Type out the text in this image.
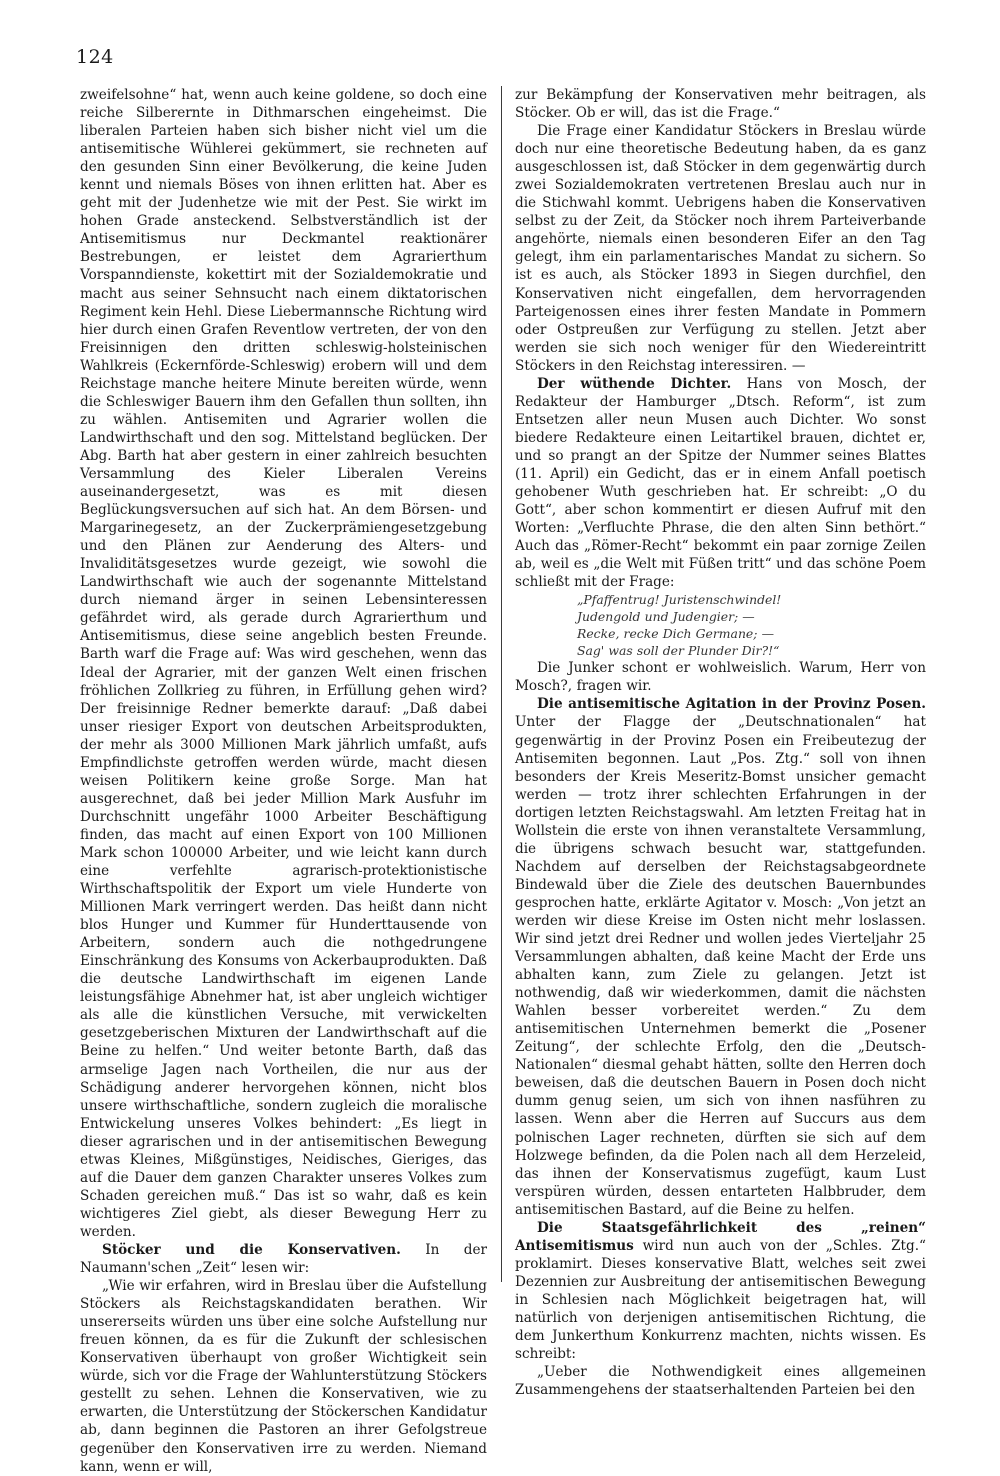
124

zweifelsohne“ hat, wenn auch keine goldene, so doch eine reiche Silberernte in Dithmarschen eingeheimst. Die liberalen Parteien haben sich bisher nicht viel um die antisemitische Wühlerei gekümmert, sie rechneten auf den gesunden Sinn einer Bevölkerung, die keine Juden kennt und niemals Böses von ihnen erlitten hat. Aber es geht mit der Judenhetze wie mit der Pest. Sie wirkt im hohen Grade ansteckend. Selbstverständlich ist der Antisemitismus nur Deckmantel reaktionärer Bestrebungen, er leistet dem Agrarierthum Vorspanndienste, kokettirt mit der Sozialdemokratie und macht aus seiner Sehnsucht nach einem diktatorischen Regiment kein Hehl. Diese Liebermannsche Richtung wird hier durch einen Grafen Reventlow vertreten, der von den Freisinnigen den dritten schleswig-holsteinischen Wahlkreis (Eckernförde-Schleswig) erobern will und dem Reichstage manche heitere Minute bereiten würde, wenn die Schleswiger Bauern ihm den Gefallen thun sollten, ihn zu wählen. Antisemiten und Agrarier wollen die Landwirthschaft und den sog. Mittelstand beglücken. Der Abg. Barth hat aber gestern in einer zahlreich besuchten Versammlung des Kieler Liberalen Vereins auseinandergesetzt, was es mit diesen Beglückungsversuchen auf sich hat. An dem Börsen- und Margarinegesetz, an der Zuckerprämiengesetzgebung und den Plänen zur Aenderung des Alters- und Invaliditätsgesetzes wurde gezeigt, wie sowohl die Landwirthschaft wie auch der sogenannte Mittelstand durch niemand ärger in seinen Lebensinteressen gefährdet wird, als gerade durch Agrarierthum und Antisemitismus, diese seine angeblich besten Freunde. Barth warf die Frage auf: Was wird geschehen, wenn das Ideal der Agrarier, mit der ganzen Welt einen frischen fröhlichen Zollkrieg zu führen, in Erfüllung gehen wird? Der freisinnige Redner bemerkte darauf: „Daß dabei unser riesiger Export von deutschen Arbeitsprodukten, der mehr als 3000 Millionen Mark jährlich umfaßt, aufs Empfindlichste getroffen werden würde, macht diesen weisen Politikern keine große Sorge. Man hat ausgerechnet, daß bei jeder Million Mark Ausfuhr im Durchschnitt ungefähr 1000 Arbeiter Beschäftigung finden, das macht auf einen Export von 100 Millionen Mark schon 100000 Arbeiter, und wie leicht kann durch eine verfehlte agrarisch-protektionistische Wirthschaftspolitik der Export um viele Hunderte von Millionen Mark verringert werden. Das heißt dann nicht blos Hunger und Kummer für Hunderttausende von Arbeitern, sondern auch die nothgedrungene Einschränkung des Konsums von Ackerbauprodukten. Daß die deutsche Landwirthschaft im eigenen Lande leistungsfähige Abnehmer hat, ist aber ungleich wichtiger als alle die künstlichen Versuche, mit verwickelten gesetzgeberischen Mixturen der Landwirthschaft auf die Beine zu helfen.“ Und weiter betonte Barth, daß das armselige Jagen nach Vortheilen, die nur aus der Schädigung anderer hervorgehen können, nicht blos unsere wirthschaftliche, sondern zugleich die moralische Entwickelung unseres Volkes behindert: „Es liegt in dieser agrarischen und in der antisemitischen Bewegung etwas Kleines, Mißgünstiges, Neidisches, Gieriges, das auf die Dauer dem ganzen Charakter unseres Volkes zum Schaden gereichen muß.“ Das ist so wahr, daß es kein wichtigeres Ziel giebt, als dieser Bewegung Herr zu werden.

Stöcker und die Konservativen. In der Naumann'schen „Zeit“ lesen wir:

„Wie wir erfahren, wird in Breslau über die Aufstellung Stöckers als Reichstagskandidaten berathen. Wir unsererseits würden uns über eine solche Aufstellung nur freuen können, da es für die Zukunft der schlesischen Konservativen überhaupt von großer Wichtigkeit sein würde, sich vor die Frage der Wahlunterstützung Stöckers gestellt zu sehen. Lehnen die Konservativen, wie zu erwarten, die Unterstützung der Stöckerschen Kandidatur ab, dann beginnen die Pastoren an ihrer Gefolgstreue gegenüber den Konservativen irre zu werden. Niemand kann, wenn er will,

zur Bekämpfung der Konservativen mehr beitragen, als Stöcker. Ob er will, das ist die Frage.“

Die Frage einer Kandidatur Stöckers in Breslau würde doch nur eine theoretische Bedeutung haben, da es ganz ausgeschlossen ist, daß Stöcker in dem gegenwärtig durch zwei Sozialdemokraten vertretenen Breslau auch nur in die Stichwahl kommt. Uebrigens haben die Konservativen selbst zu der Zeit, da Stöcker noch ihrem Parteiverbande angehörte, niemals einen besonderen Eifer an den Tag gelegt, ihm ein parlamentarisches Mandat zu sichern. So ist es auch, als Stöcker 1893 in Siegen durchfiel, den Konservativen nicht eingefallen, dem hervorragenden Parteigenossen eines ihrer festen Mandate in Pommern oder Ostpreußen zur Verfügung zu stellen. Jetzt aber werden sie sich noch weniger für den Wiedereintritt Stöckers in den Reichstag interessiren. —

Der wüthende Dichter. Hans von Mosch, der Redakteur der Hamburger „Dtsch. Reform“, ist zum Entsetzen aller neun Musen auch Dichter. Wo sonst biedere Redakteure einen Leitartikel brauen, dichtet er, und so prangt an der Spitze der Nummer seines Blattes (11. April) ein Gedicht, das er in einem Anfall poetisch gehobener Wuth geschrieben hat. Er schreibt: „O du Gott“, aber schon kommentirt er diesen Aufruf mit den Worten: „Verfluchte Phrase, die den alten Sinn bethört.“ Auch das „Römer-Recht“ bekommt ein paar zornige Zeilen ab, weil es „die Welt mit Füßen tritt“ und das schöne Poem schließt mit der Frage:

„Pfaffentrug! Juristenschwindel!
Judengold und Judengier; —
Recke, recke Dich Germane; —
Sag' was soll der Plunder Dir?!“

Die Junker schont er wohlweislich. Warum, Herr von Mosch?, fragen wir.

Die antisemitische Agitation in der Provinz Posen. Unter der Flagge der „Deutschnationalen“ hat gegenwärtig in der Provinz Posen ein Freibeutezug der Antisemiten begonnen. Laut „Pos. Ztg.“ soll von ihnen besonders der Kreis Meseritz-Bomst unsicher gemacht werden — trotz ihrer schlechten Erfahrungen in der dortigen letzten Reichstagswahl. Am letzten Freitag hat in Wollstein die erste von ihnen veranstaltete Versammlung, die übrigens schwach besucht war, stattgefunden. Nachdem auf derselben der Reichstagsabgeordnete Bindewald über die Ziele des deutschen Bauernbundes gesprochen hatte, erklärte Agitator v. Mosch: „Von jetzt an werden wir diese Kreise im Osten nicht mehr loslassen. Wir sind jetzt drei Redner und wollen jedes Vierteljahr 25 Versammlungen abhalten, daß keine Macht der Erde uns abhalten kann, zum Ziele zu gelangen. Jetzt ist nothwendig, daß wir wiederkommen, damit die nächsten Wahlen besser vorbereitet werden.“ Zu dem antisemitischen Unternehmen bemerkt die „Posener Zeitung“, der schlechte Erfolg, den die „Deutsch-Nationalen“ diesmal gehabt hätten, sollte den Herren doch beweisen, daß die deutschen Bauern in Posen doch nicht dumm genug seien, um sich von ihnen nasführen zu lassen. Wenn aber die Herren auf Succurs aus dem polnischen Lager rechneten, dürften sie sich auf dem Holzwege befinden, da die Polen nach all dem Herzeleid, das ihnen der Konservatismus zugefügt, kaum Lust verspüren würden, dessen entarteten Halbbruder, dem antisemitischen Bastard, auf die Beine zu helfen.

Die Staatsgefährlichkeit des „reinen“ Antisemitismus wird nun auch von der „Schles. Ztg.“ proklamirt. Dieses konservative Blatt, welches seit zwei Dezennien zur Ausbreitung der antisemitischen Bewegung in Schlesien nach Möglichkeit beigetragen hat, will natürlich von derjenigen antisemitischen Richtung, die dem Junkerthum Konkurrenz machten, nichts wissen. Es schreibt:

„Ueber die Nothwendigkeit eines allgemeinen Zusammengehens der staatserhaltenden Parteien bei den
